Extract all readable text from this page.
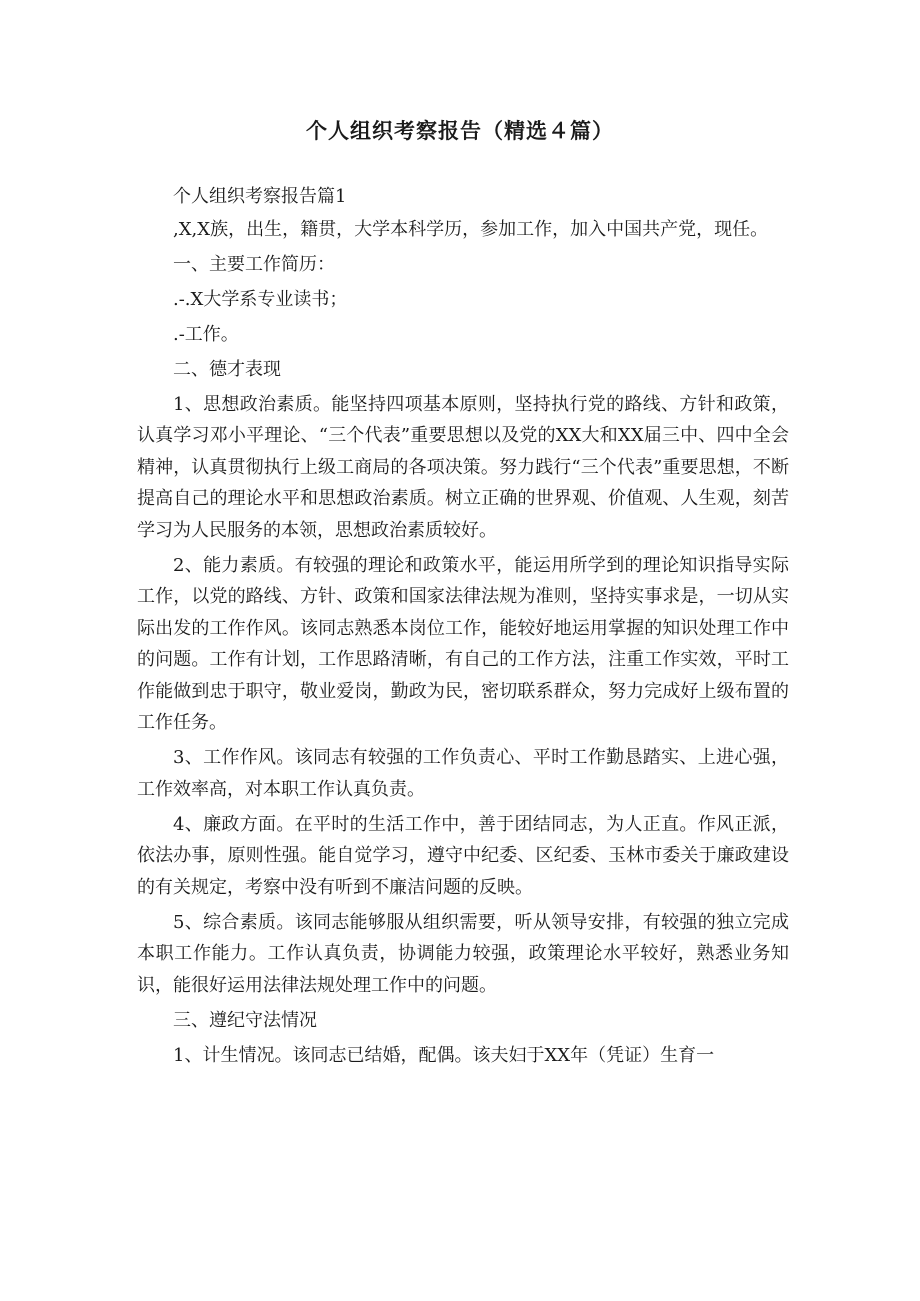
个人组织考察报告（精选４篇）

个人组织考察报告篇1

,X,X族，出生，籍贯，大学本科学历，参加工作，加入中国共产党，现任。

一、主要工作简历：

.-.X大学系专业读书；

.-工作。

二、德才表现

1、思想政治素质。能坚持四项基本原则，坚持执行党的路线、方针和政策，认真学习邓小平理论、“三个代表”重要思想以及党的XX大和XX届三中、四中全会精神，认真贯彻执行上级工商局的各项决策。努力践行“三个代表”重要思想，不断提高自己的理论水平和思想政治素质。树立正确的世界观、价值观、人生观，刻苦学习为人民服务的本领，思想政治素质较好。

2、能力素质。有较强的理论和政策水平，能运用所学到的理论知识指导实际工作，以党的路线、方针、政策和国家法律法规为准则，坚持实事求是，一切从实际出发的工作作风。该同志熟悉本岗位工作，能较好地运用掌握的知识处理工作中的问题。工作有计划，工作思路清晰，有自己的工作方法，注重工作实效，平时工作能做到忠于职守，敬业爱岗，勤政为民，密切联系群众，努力完成好上级布置的工作任务。

3、工作作风。该同志有较强的工作负责心、平时工作勤恳踏实、上进心强，工作效率高，对本职工作认真负责。

4、廉政方面。在平时的生活工作中，善于团结同志，为人正直。作风正派，依法办事，原则性强。能自觉学习，遵守中纪委、区纪委、玉林市委关于廉政建设的有关规定，考察中没有听到不廉洁问题的反映。

5、综合素质。该同志能够服从组织需要，听从领导安排，有较强的独立完成本职工作能力。工作认真负责，协调能力较强，政策理论水平较好，熟悉业务知识，能很好运用法律法规处理工作中的问题。

三、遵纪守法情况

1、计生情况。该同志已结婚，配偶。该夫妇于XX年（凭证）生育一
